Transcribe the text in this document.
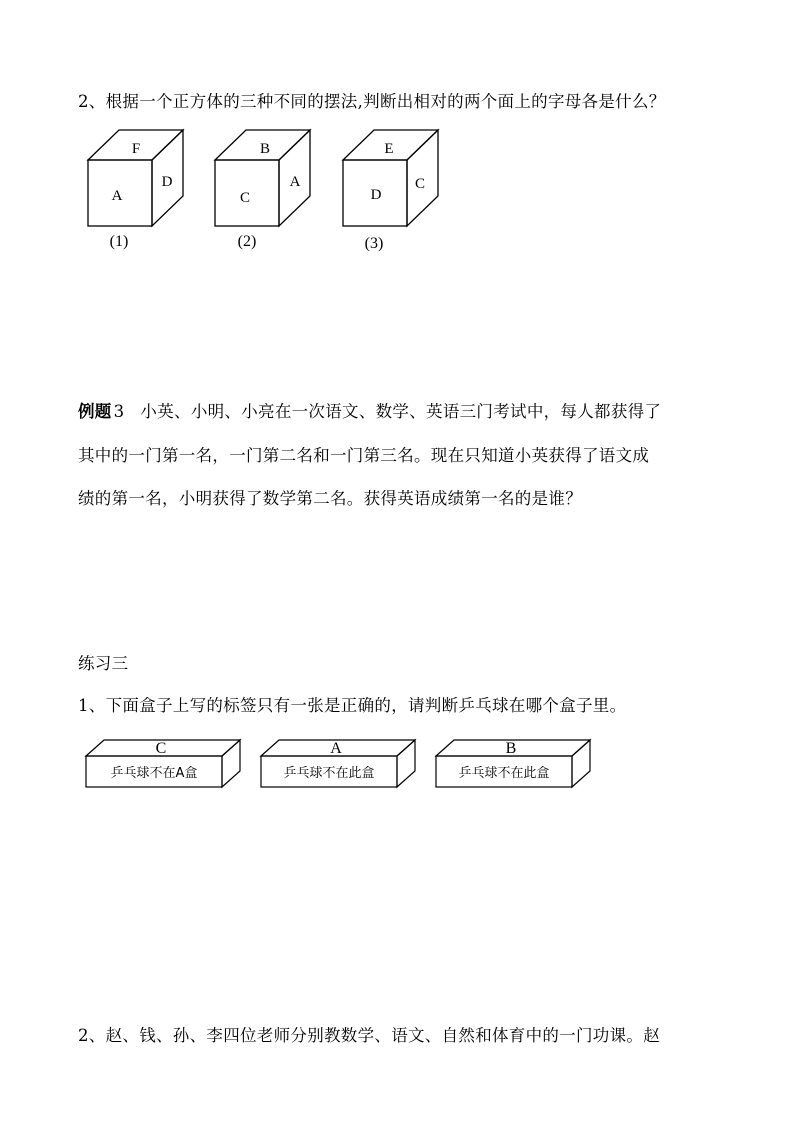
2、根据一个正方体的三种不同的摆法,判断出相对的两个面上的字母各是什么？
F
A
D
(1)
B
C
A
(2)
E
D
C
(3)
例题 3 小英、小明、小亮在一次语文、数学、英语三门考试中，每人都获得了
其中的一门第一名，一门第二名和一门第三名。现在只知道小英获得了语文成
绩的第一名，小明获得了数学第二名。获得英语成绩第一名的是谁？
练习三
1、下面盒子上写的标签只有一张是正确的，请判断乒乓球在哪个盒子里。
C
乒乓球不在A盒
A
乒乓球不在此盒
B
乒乓球不在此盒
2、赵、钱、孙、李四位老师分别教数学、语文、自然和体育中的一门功课。赵
